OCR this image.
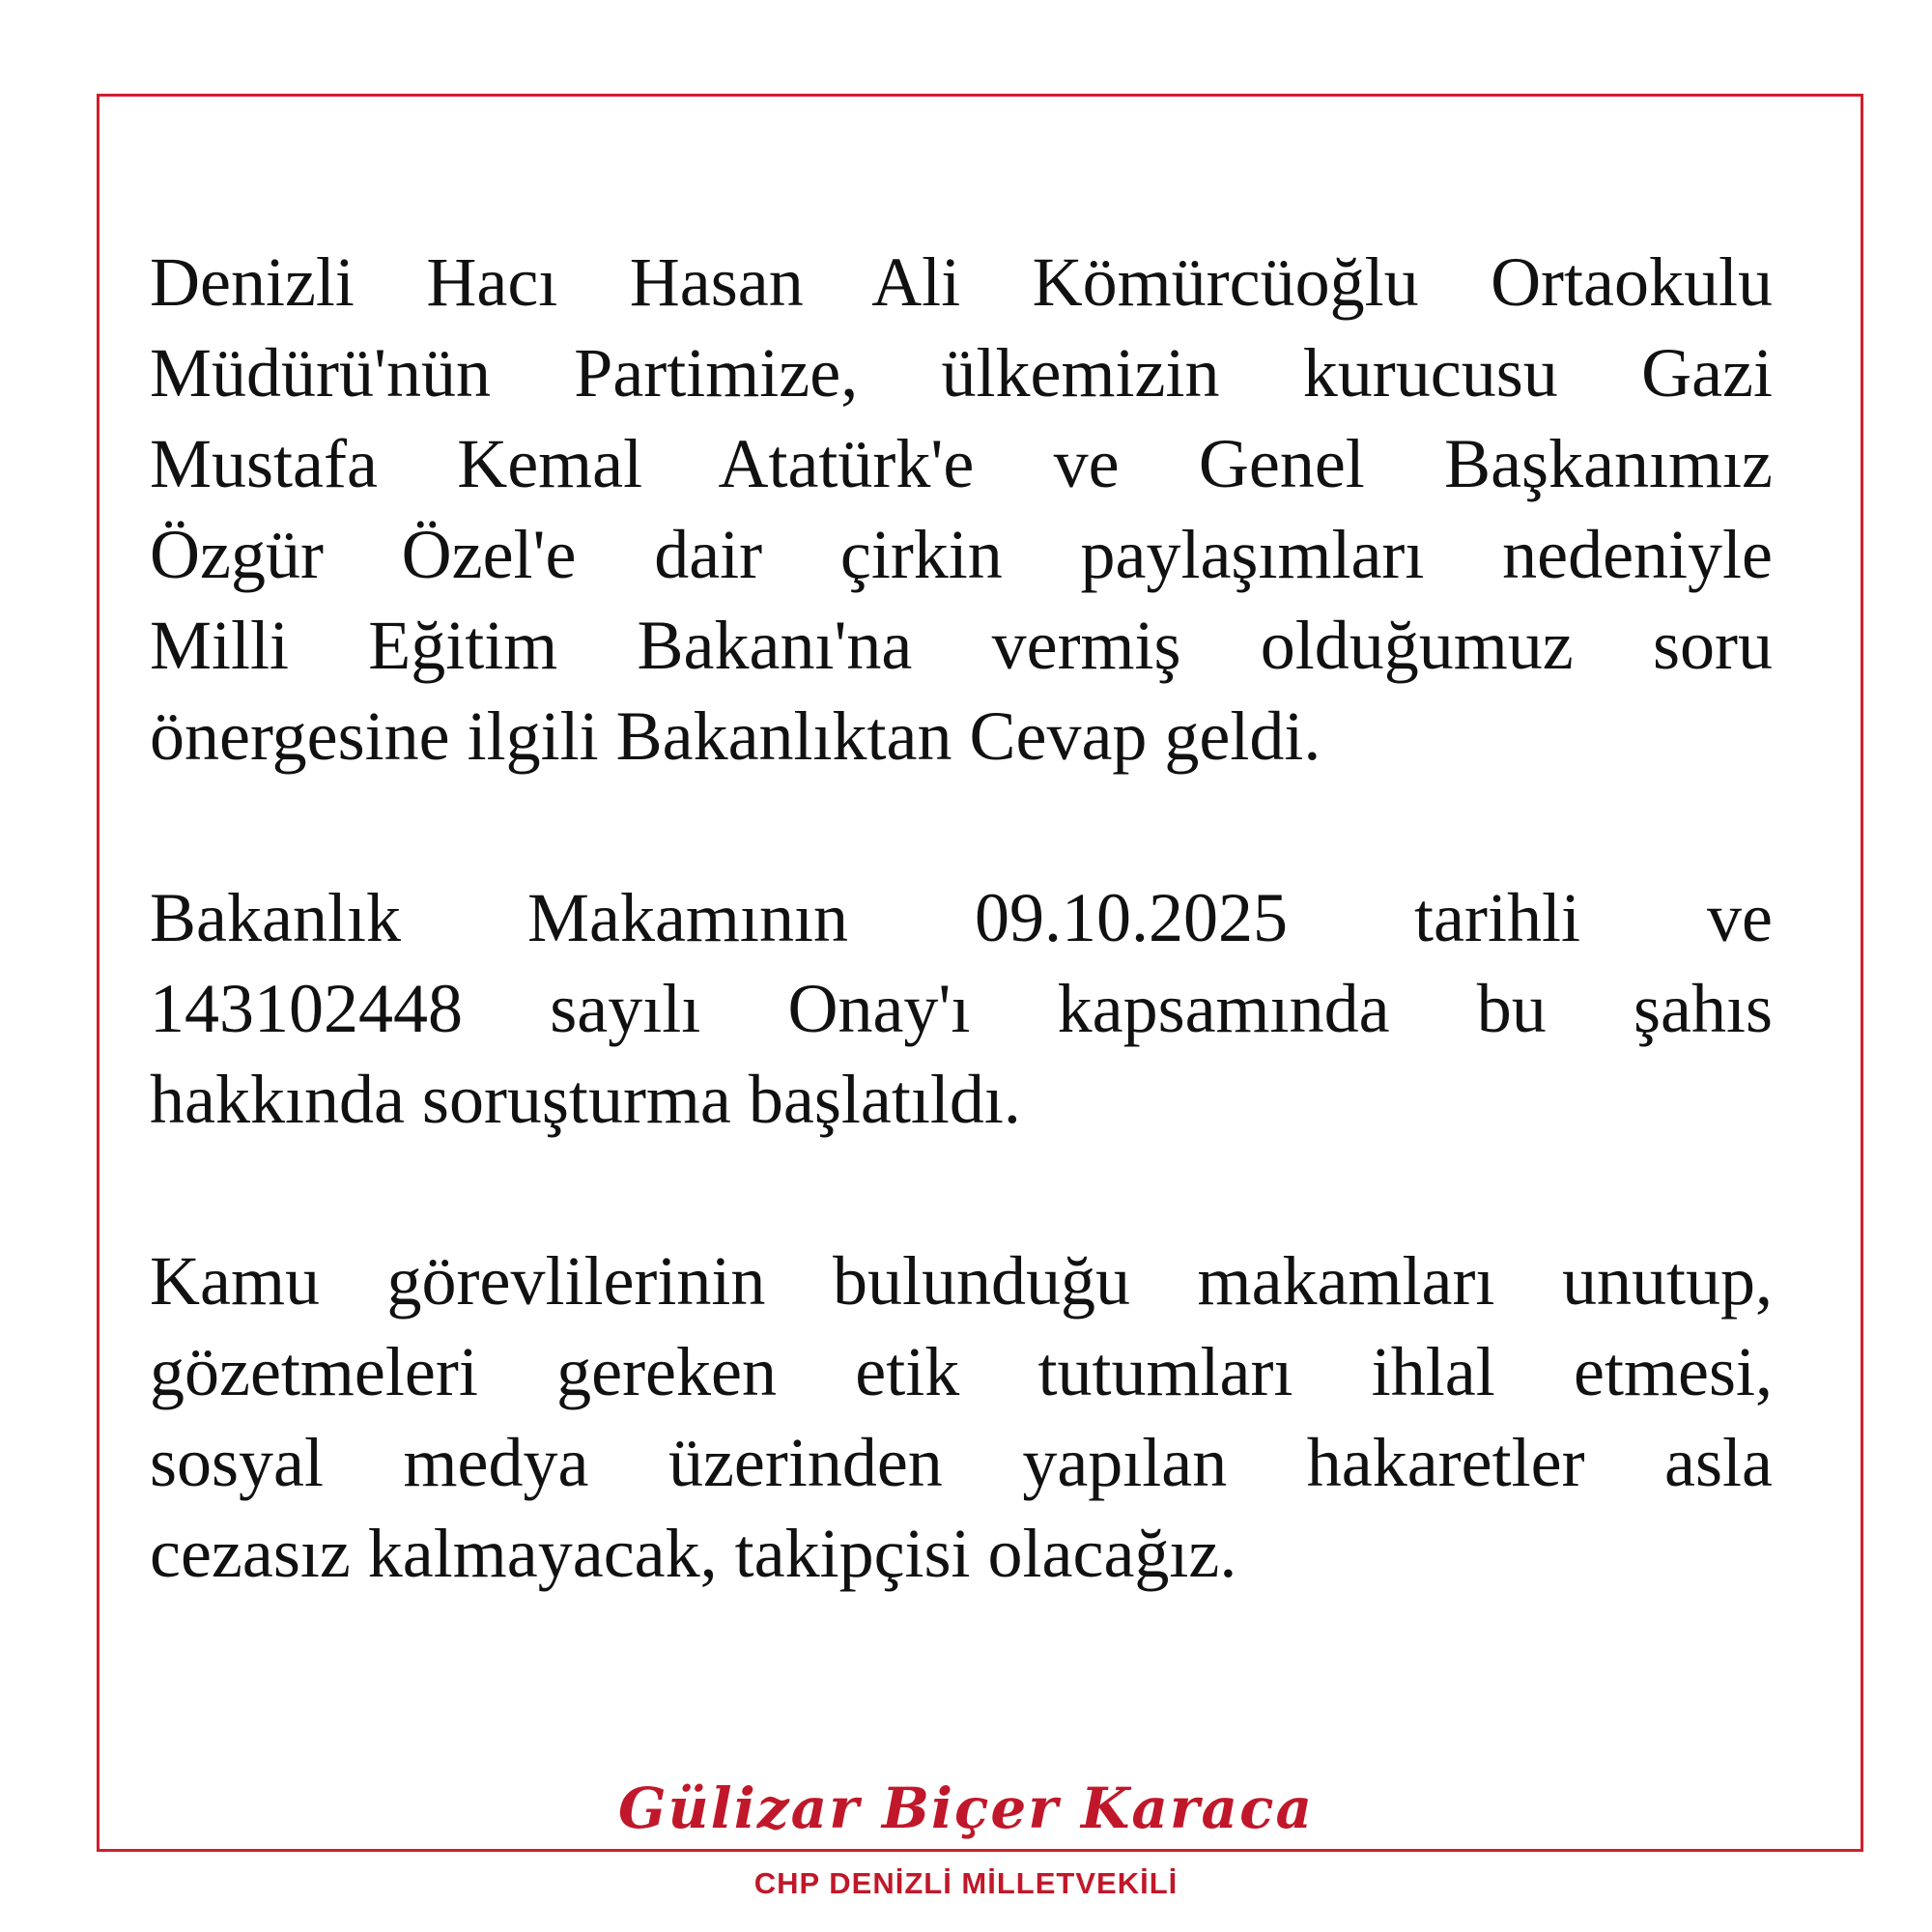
Denizli Hacı Hasan Ali Kömürcüoğlu Ortaokulu
Müdürü'nün Partimize, ülkemizin kurucusu Gazi
Mustafa Kemal Atatürk'e ve Genel Başkanımız
Özgür Özel'e dair çirkin paylaşımları nedeniyle
Milli Eğitim Bakanı'na vermiş olduğumuz soru
önergesine ilgili Bakanlıktan Cevap geldi.
Bakanlık Makamının 09.10.2025 tarihli ve
143102448 sayılı Onay'ı kapsamında bu şahıs
hakkında soruşturma başlatıldı.
Kamu görevlilerinin bulunduğu makamları unutup,
gözetmeleri gereken etik tutumları ihlal etmesi,
sosyal medya üzerinden yapılan hakaretler asla
cezasız kalmayacak, takipçisi olacağız.
Gülizar Biçer Karaca
CHP DENİZLİ MİLLETVEKİLİ
